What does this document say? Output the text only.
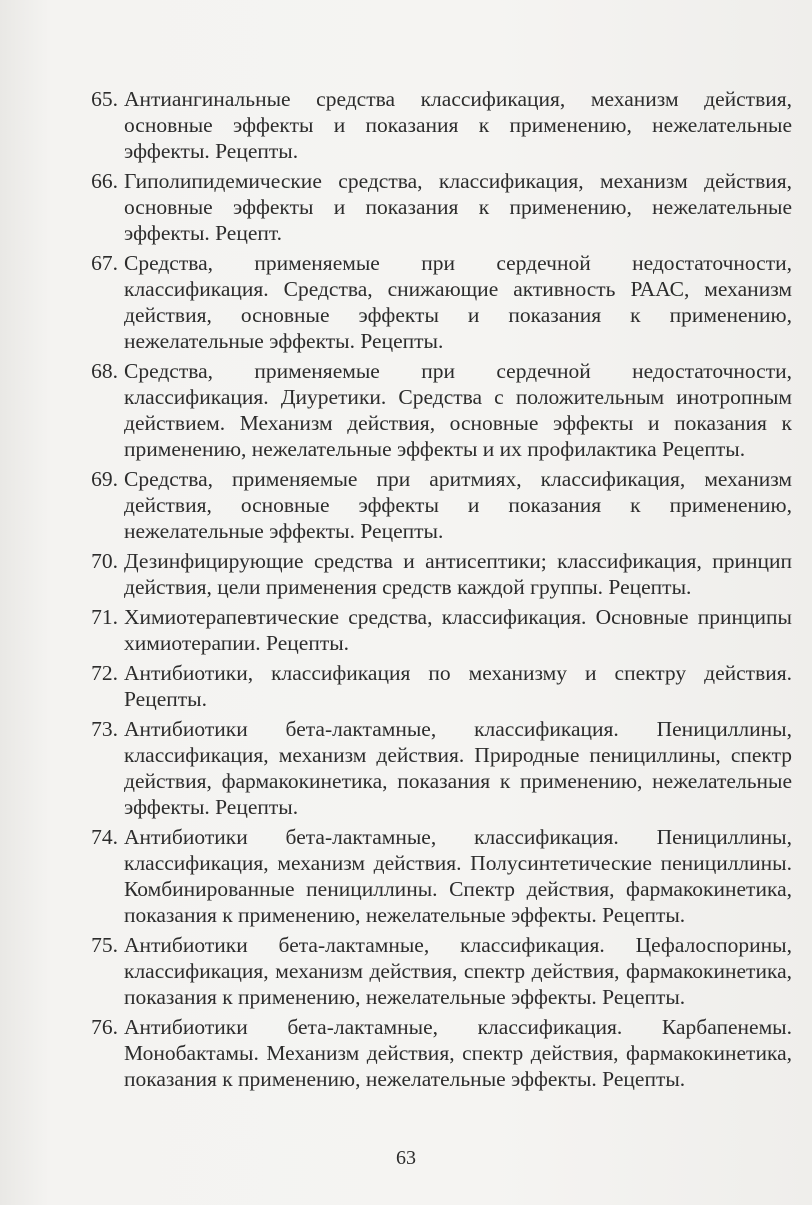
65. Антиангинальные средства классификация, механизм действия, основные эффекты и показания к применению, нежелательные эффекты. Рецепты.
66. Гиполипидемические средства, классификация, механизм действия, основные эффекты и показания к применению, нежелательные эффекты. Рецепт.
67. Средства, применяемые при сердечной недостаточности, классификация. Средства, снижающие активность РААС, механизм действия, основные эффекты и показания к применению, нежелательные эффекты. Рецепты.
68. Средства, применяемые при сердечной недостаточности, классификация. Диуретики. Средства с положительным инотропным действием. Механизм действия, основные эффекты и показания к применению, нежелательные эффекты и их профилактика Рецепты.
69. Средства, применяемые при аритмиях, классификация, механизм действия, основные эффекты и показания к применению, нежелательные эффекты. Рецепты.
70. Дезинфицирующие средства и антисептики; классификация, принцип действия, цели применения средств каждой группы. Рецепты.
71. Химиотерапевтические средства, классификация. Основные принципы химиотерапии. Рецепты.
72. Антибиотики, классификация по механизму и спектру действия. Рецепты.
73. Антибиотики бета-лактамные, классификация. Пенициллины, классификация, механизм действия. Природные пенициллины, спектр действия, фармакокинетика, показания к применению, нежелательные эффекты. Рецепты.
74. Антибиотики бета-лактамные, классификация. Пенициллины, классификация, механизм действия. Полусинтетические пенициллины. Комбинированные пенициллины. Спектр действия, фармакокинетика, показания к применению, нежелательные эффекты. Рецепты.
75. Антибиотики бета-лактамные, классификация. Цефалоспорины, классификация, механизм действия, спектр действия, фармакокинетика, показания к применению, нежелательные эффекты. Рецепты.
76. Антибиотики бета-лактамные, классификация. Карбапенемы. Монобактамы. Механизм действия, спектр действия, фармакокинетика, показания к применению, нежелательные эффекты. Рецепты.
63
